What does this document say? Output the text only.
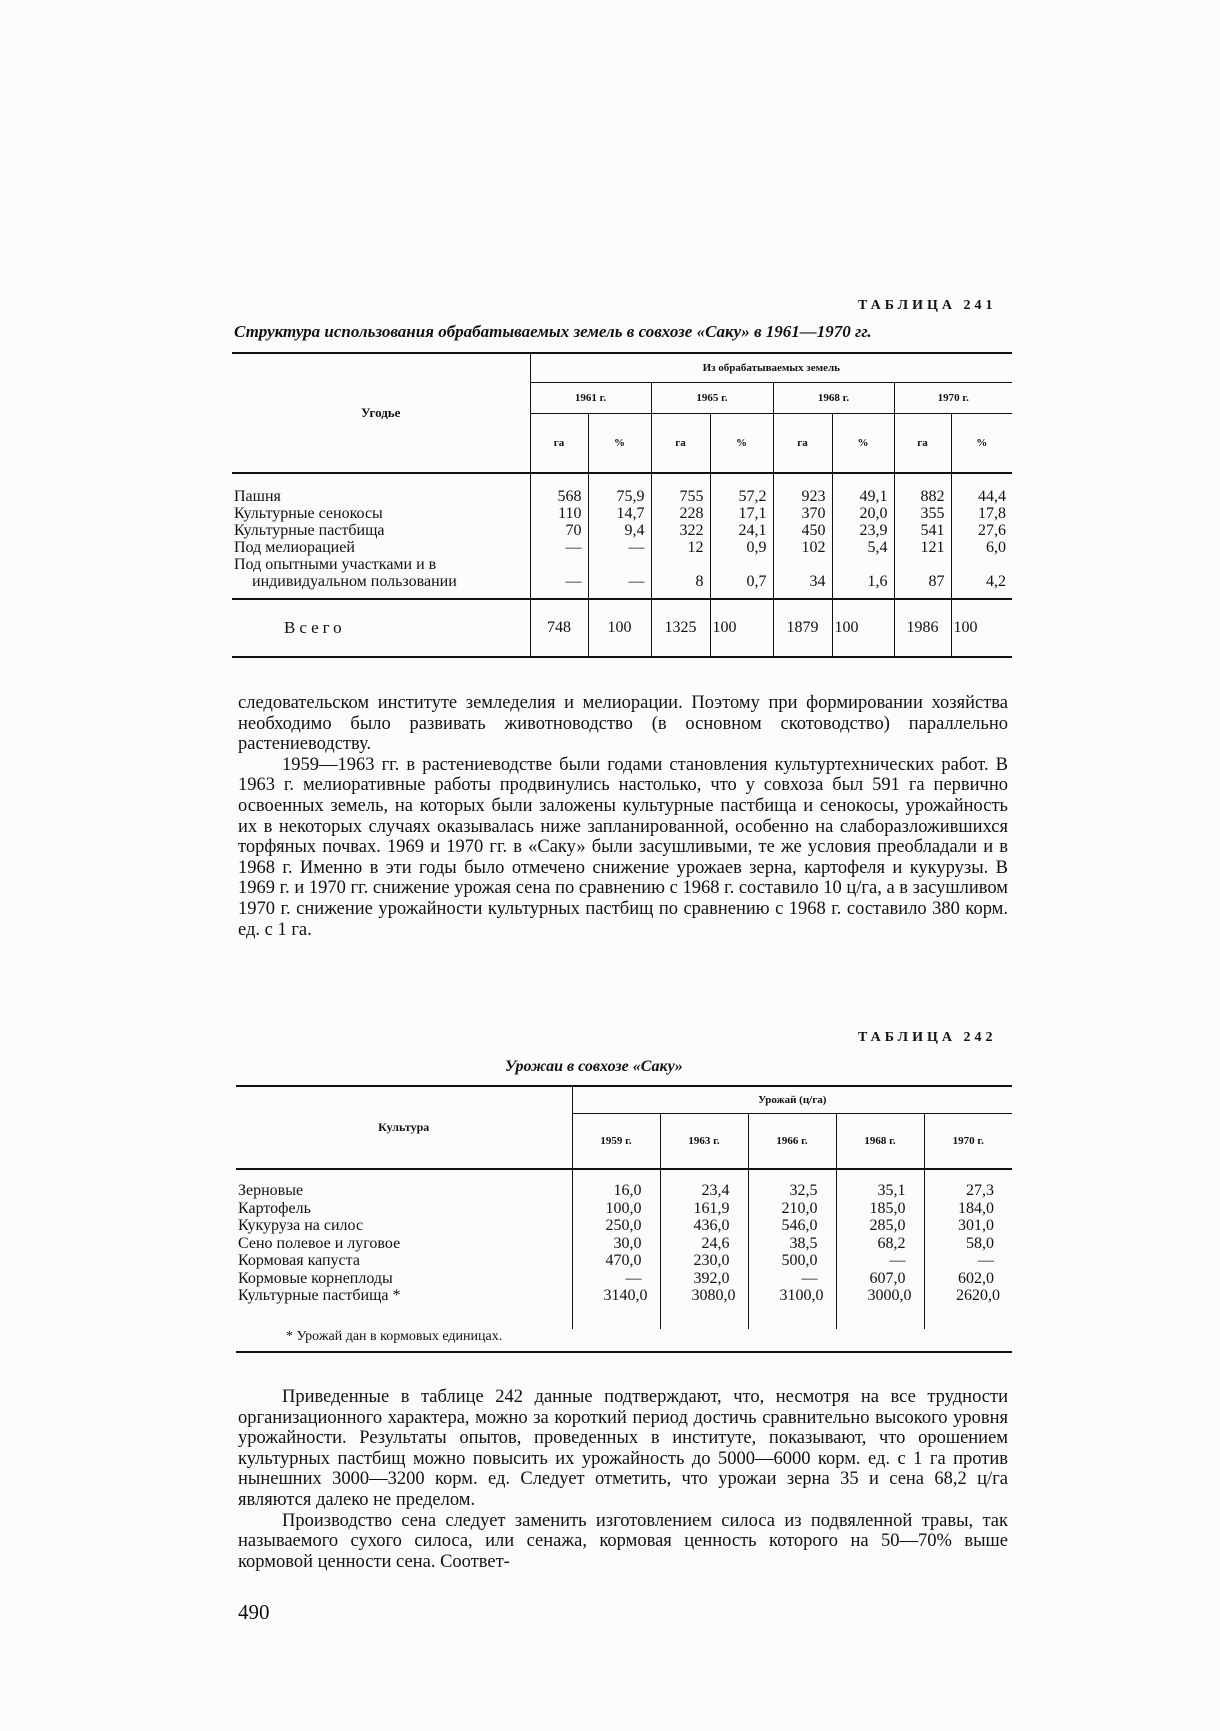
ТАБЛИЦА 241
Структура использования обрабатываемых земель в совхозе «Саку» в 1961—1970 гг.
Угодье	Из обрабатываемых земель							
	1961 г.		1965 г.		1968 г.		1970 г.	
	га	%	га	%	га	%	га	%

Пашня	568	75,9	755	57,2	923	49,1	882	44,4
Культурные сенокосы	110	14,7	228	17,1	370	20,0	355	17,8
Культурные пастбища	70	9,4	322	24,1	450	23,9	541	27,6
Под мелиорацией	—	—	12	0,9	102	5,4	121	6,0

Под опытными участками и в
индивидуальном пользовании	—	—	8	0,7	34	1,6	87	4,2
Всего	748	100	1325	100	1879	100	1986	100

следовательском институте земледелия и мелиорации. Поэтому при формировании хозяйства необходимо было развивать животноводство (в основном скотоводство) параллельно растениеводству.

1959—1963 гг. в растениеводстве были годами становления культуртехнических работ. В 1963 г. мелиоративные работы продвинулись настолько, что у совхоза был 591 га первично освоенных земель, на которых были заложены культурные пастбища и сенокосы, урожайность их в некоторых случаях оказывалась ниже запланированной, особенно на слаборазложившихся торфяных почвах. 1969 и 1970 гг. в «Саку» были засушливыми, те же условия преобладали и в 1968 г. Именно в эти годы было отмечено снижение урожаев зерна, картофеля и кукурузы. В 1969 г. и 1970 гг. снижение урожая сена по сравнению с 1968 г. составило 10 ц/га, а в засушливом 1970 г. снижение урожайности культурных пастбищ по сравнению с 1968 г. составило 380 корм. ед. с 1 га.

ТАБЛИЦА 242
Урожаи в совхозе «Саку»
Культура	Урожай (ц/га)				
	1959 г.	1963 г.	1966 г.	1968 г.	1970 г.

Зерновые	16,0	23,4	32,5	35,1	27,3
Картофель	100,0	161,9	210,0	185,0	184,0
Кукуруза на силос	250,0	436,0	546,0	285,0	301,0
Сено полевое и луговое	30,0	24,6	38,5	68,2	58,0
Кормовая капуста	470,0	230,0	500,0	—	—
Кормовые корнеплоды	—	392,0	—	607,0	602,0
Культурные пастбища *	3140,0	3080,0	3100,0	3000,0	2620,0

* Урожай дан в кормовых единицах.					

Приведенные в таблице 242 данные подтверждают, что, несмотря на все трудности организационного характера, можно за короткий период достичь сравнительно высокого уровня урожайности. Результаты опытов, проведенных в институте, показывают, что орошением культурных пастбищ можно повысить их урожайность до 5000—6000 корм. ед. с 1 га против нынешних 3000—3200 корм. ед. Следует отметить, что урожаи зерна 35 и сена 68,2 ц/га являются далеко не пределом.

Производство сена следует заменить изготовлением силоса из подвяленной травы, так называемого сухого силоса, или сенажа, кормовая ценность которого на 50—70% выше кормовой ценности сена. Соответ-

490
